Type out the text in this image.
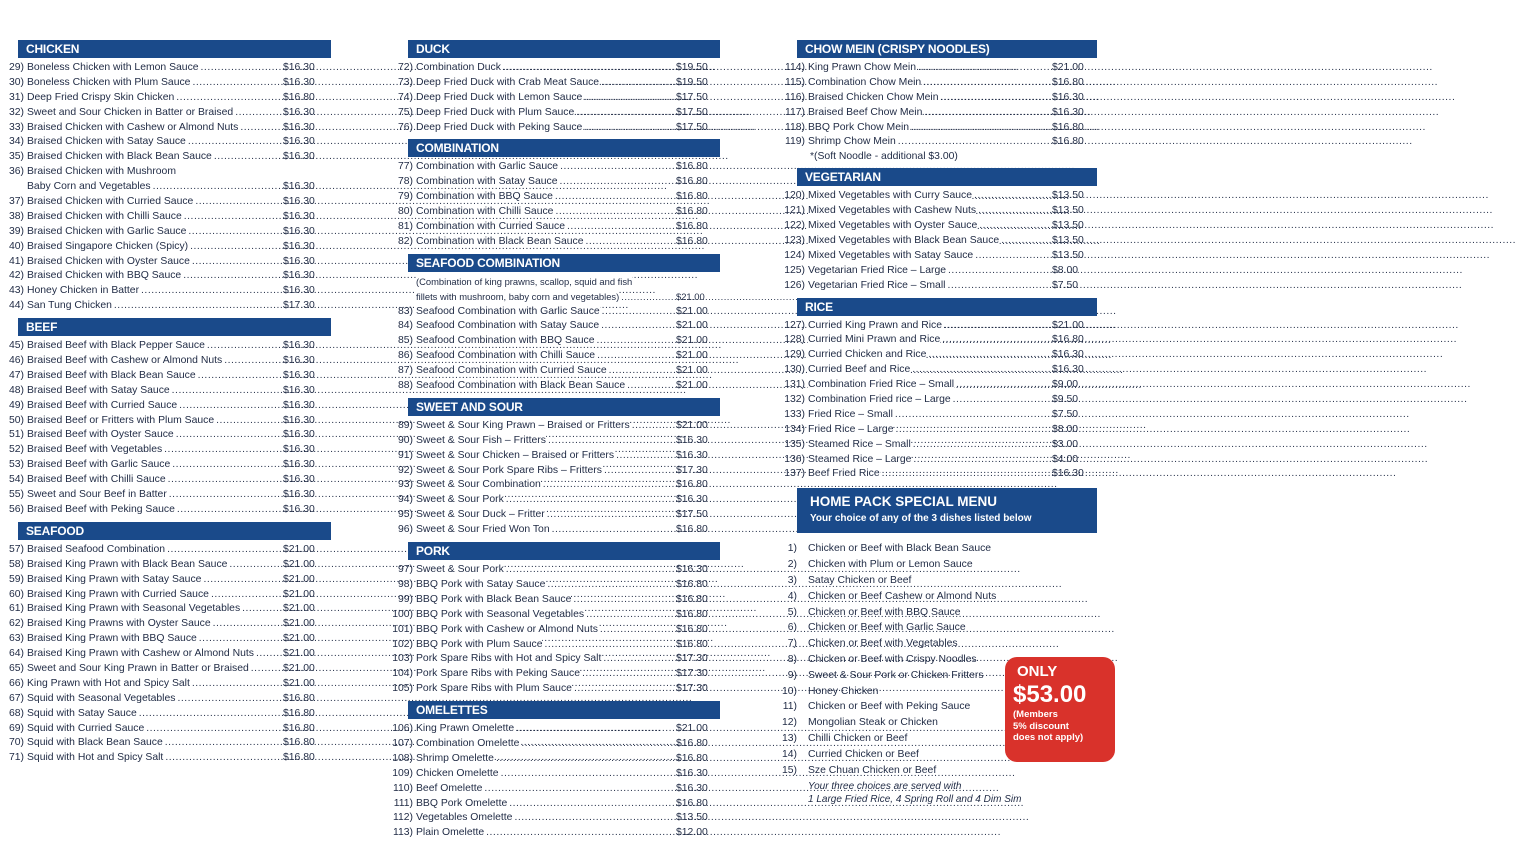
CHICKEN
29) Boneless Chicken with Lemon Sauce .....	$16.30
30) Boneless Chicken with Plum Sauce .....	$16.30
31) Deep Fried Crispy Skin Chicken .....	$16.80
32) Sweet and Sour Chicken in Batter or Braised .....	$16.30
33) Braised Chicken with Cashew or Almond Nuts .....	$16.30
34) Braised Chicken with Satay Sauce .....	$16.30
35) Braised Chicken with Black Bean Sauce .....	$16.30
36) Braised Chicken with Mushroom
Baby Corn and Vegetables .....	$16.30
37) Braised Chicken with Curried Sauce .....	$16.30
38) Braised Chicken with Chilli Sauce .....	$16.30
39) Braised Chicken with Garlic Sauce .....	$16.30
40) Braised Singapore Chicken (Spicy) .....	$16.30
41) Braised Chicken with Oyster Sauce .....	$16.30
42) Braised Chicken with BBQ Sauce .....	$16.30
43) Honey Chicken in Batter .....	$16.30
44) San Tung Chicken .....	$17.30
BEEF
45) Braised Beef with Black Pepper Sauce .....	$16.30
46) Braised Beef with Cashew or Almond Nuts .....	$16.30
47) Braised Beef with Black Bean Sauce .....	$16.30
48) Braised Beef with Satay Sauce .....	$16.30
49) Braised Beef with Curried Sauce .....	$16.30
50) Braised Beef or Fritters with Plum Sauce .....	$16.30
51) Braised Beef with Oyster Sauce .....	$16.30
52) Braised Beef with Vegetables .....	$16.30
53) Braised Beef with Garlic Sauce .....	$16.30
54) Braised Beef with Chilli Sauce .....	$16.30
55) Sweet and Sour Beef in Batter .....	$16.30
56) Braised Beef with Peking Sauce .....	$16.30
SEAFOOD
57) Braised Seafood Combination .....	$21.00
58) Braised King Prawn with Black Bean Sauce .....	$21.00
59) Braised King Prawn with Satay Sauce .....	$21.00
60) Braised King Prawn with Curried Sauce .....	$21.00
61) Braised King Prawn with Seasonal Vegetables .....	$21.00
62) Braised King Prawns with Oyster Sauce .....	$21.00
63) Braised King Prawn with BBQ Sauce .....	$21.00
64) Braised King Prawn with Cashew or Almond Nuts .....	$21.00
65) Sweet and Sour King Prawn in Batter or Braised .....	$21.00
66) King Prawn with Hot and Spicy Salt .....	$21.00
67) Squid with Seasonal Vegetables .....	$16.80
68) Squid with Satay Sauce .....	$16.80
69) Squid with Curried Sauce .....	$16.80
70) Squid with Black Bean Sauce .....	$16.80
71) Squid with Hot and Spicy Salt .....	$16.80
DUCK
72) Combination Duck .....	$19.50
73) Deep Fried Duck with Crab Meat Sauce .....	$19.50
74) Deep Fried Duck with Lemon Sauce .....	$17.50
75) Deep Fried Duck with Plum Sauce .....	$17.50
76) Deep Fried Duck with Peking Sauce .....	$17.50
COMBINATION
77) Combination with Garlic Sauce .....	$16.80
78) Combination with Satay Sauce .....	$16.80
79) Combination with BBQ Sauce .....	$16.80
80) Combination with Chilli Sauce .....	$16.80
81) Combination with Curried Sauce .....	$16.80
82) Combination with Black Bean Sauce .....	$16.80
SEAFOOD COMBINATION
(Combination of king prawns, scallop, squid and fish
fillets with mushroom, baby corn and vegetables) .....	$21.00
83) Seafood Combination with Garlic Sauce .....	$21.00
84) Seafood Combination with Satay Sauce .....	$21.00
85) Seafood Combination with BBQ Sauce .....	$21.00
86) Seafood Combination with Chilli Sauce .....	$21.00
87) Seafood Combination with Curried Sauce .....	$21.00
88) Seafood Combination with Black Bean Sauce .....	$21.00
SWEET AND SOUR
89) Sweet & Sour King Prawn – Braised or Fritters .....	$21.00
90) Sweet & Sour Fish – Fritters .....	$16.30
91) Sweet & Sour Chicken – Braised or Fritters .....	$16.30
92) Sweet & Sour Pork Spare Ribs – Fritters .....	$17.30
93) Sweet & Sour Combination .....	$16.80
94) Sweet & Sour Pork .....	$16.30
95) Sweet & Sour Duck – Fritter .....	$17.50
96) Sweet & Sour Fried Won Ton .....	$16.80
PORK
97) Sweet & Sour Pork .....	$16.30
98) BBQ Pork with Satay Sauce .....	$16.80
99) BBQ Pork with Black Bean Sauce .....	$16.80
100) BBQ Pork with Seasonal Vegetables .....	$16.80
101) BBQ Pork with Cashew or Almond Nuts .....	$16.80
102) BBQ Pork with Plum Sauce .....	$16.80
103) Pork Spare Ribs with Hot and Spicy Salt .....	$17.30
104) Pork Spare Ribs with Peking Sauce .....	$17.30
105) Pork Spare Ribs with Plum Sauce .....	$17.30
OMELETTES
106) King Prawn Omelette .....	$21.00
107) Combination Omelette .....	$16.80
108) Shrimp Omelette .....	$16.80
109) Chicken Omelette .....	$16.30
110) Beef Omelette .....	$16.30
111) BBQ Pork Omelette .....	$16.80
112) Vegetables Omelette .....	$13.50
113) Plain Omelette .....	$12.00
CHOW MEIN (CRISPY NOODLES)
114) King Prawn Chow Mein .....	$21.00
115) Combination Chow Mein .....	$16.80
116) Braised Chicken Chow Mein .....	$16.30
117) Braised Beef Chow Mein .....	$16.30
118) BBQ Pork Chow Mein .....	$16.80
119) Shrimp Chow Mein .....	$16.80
*(Soft Noodle - additional $3.00)
VEGETARIAN
120) Mixed Vegetables with Curry Sauce .....	$13.50
121) Mixed Vegetables with Cashew Nuts .....	$13.50
122) Mixed Vegetables with Oyster Sauce .....	$13.50
123) Mixed Vegetables with Black Bean Sauce .....	$13.50
124) Mixed Vegetables with Satay Sauce .....	$13.50
125) Vegetarian Fried Rice – Large .....	$8.00
126) Vegetarian Fried Rice – Small .....	$7.50
RICE
127) Curried King Prawn and Rice .....	$21.00
128) Curried Mini Prawn and Rice .....	$16.80
129) Curried Chicken and Rice .....	$16.30
130) Curried Beef and Rice .....	$16.30
131) Combination Fried Rice – Small .....	$9.00
132) Combination Fried rice – Large .....	$9.50
133) Fried Rice – Small .....	$7.50
134) Fried Rice – Large .....	$8.00
135) Steamed Rice – Small .....	$3.00
136) Steamed Rice – Large .....	$4.00
137) Beef Fried Rice .....	$16.30
HOME PACK SPECIAL MENU
Your choice of any of the 3 dishes listed below
1)	Chicken or Beef with Black Bean Sauce
2)	Chicken with Plum or Lemon Sauce
3)	Satay Chicken or Beef
4)	Chicken or Beef Cashew or Almond Nuts
5)	Chicken or Beef with BBQ Sauce
6)	Chicken or Beef with Garlic Sauce
7)	Chicken or Beef with Vegetables
8)	Chicken or Beef with Crispy Noodles
9)	Sweet & Sour Pork or Chicken Fritters
10)	Honey Chicken
11)	Chicken or Beef with Peking Sauce
12)	Mongolian Steak or Chicken
13)	Chilli Chicken or Beef
14)	Curried Chicken or Beef
15)	Sze Chuan Chicken or Beef
Your three choices are served with
1 Large Fried Rice, 4 Spring Roll and 4 Dim Sim
ONLY
$53.00
(Members
5% discount
does not apply)
